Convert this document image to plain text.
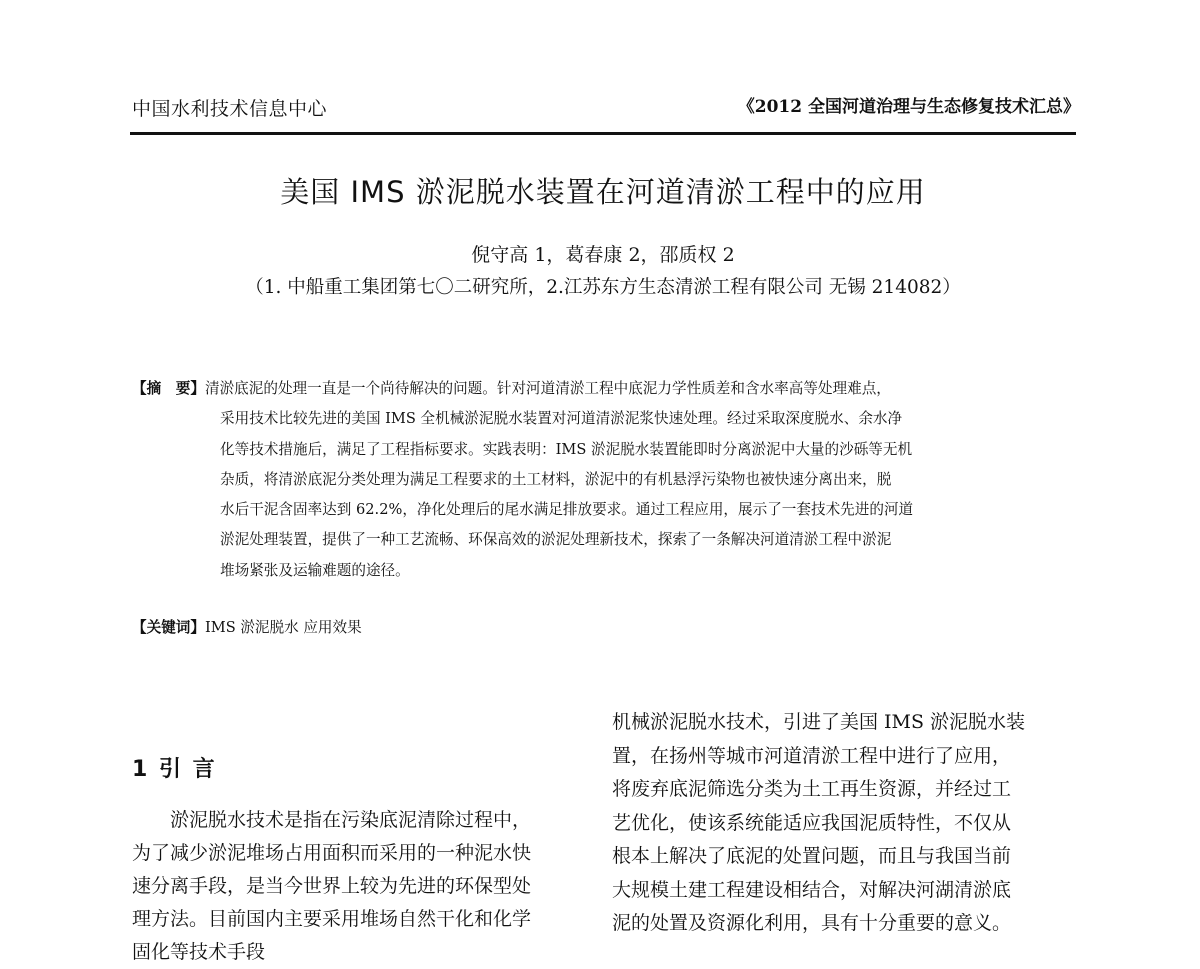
中国水利技术信息中心	《2012 全国河道治理与生态修复技术汇总》
美国 IMS 淤泥脱水装置在河道清淤工程中的应用
倪守高 1，葛春康 2，邵质权 2
（1. 中船重工集团第七〇二研究所，2.江苏东方生态清淤工程有限公司 无锡 214082）
【摘　要】清淤底泥的处理一直是一个尚待解决的问题。针对河道清淤工程中底泥力学性质差和含水率高等处理难点，
采用技术比较先进的美国 IMS 全机械淤泥脱水装置对河道清淤泥浆快速处理。经过采取深度脱水、余水净
化等技术措施后，满足了工程指标要求。实践表明：IMS 淤泥脱水装置能即时分离淤泥中大量的沙砾等无机
杂质，将清淤底泥分类处理为满足工程要求的土工材料，淤泥中的有机悬浮污染物也被快速分离出来，脱
水后干泥含固率达到 62.2%，净化处理后的尾水满足排放要求。通过工程应用，展示了一套技术先进的河道
淤泥处理装置，提供了一种工艺流畅、环保高效的淤泥处理新技术，探索了一条解决河道清淤工程中淤泥
堆场紧张及运输难题的途径。
【关键词】IMS 淤泥脱水 应用效果
1 引 言
淤泥脱水技术是指在污染底泥清除过程中，
为了减少淤泥堆场占用面积而采用的一种泥水快
速分离手段，是当今世界上较为先进的环保型处
理方法。目前国内主要采用堆场自然干化和化学
固化等技术手段
机械淤泥脱水技术，引进了美国 IMS 淤泥脱水装
置，在扬州等城市河道清淤工程中进行了应用，
将废弃底泥筛选分类为土工再生资源，并经过工
艺优化，使该系统能适应我国泥质特性，不仅从
根本上解决了底泥的处置问题，而且与我国当前
大规模土建工程建设相结合，对解决河湖清淤底
泥的处置及资源化利用，具有十分重要的意义。
